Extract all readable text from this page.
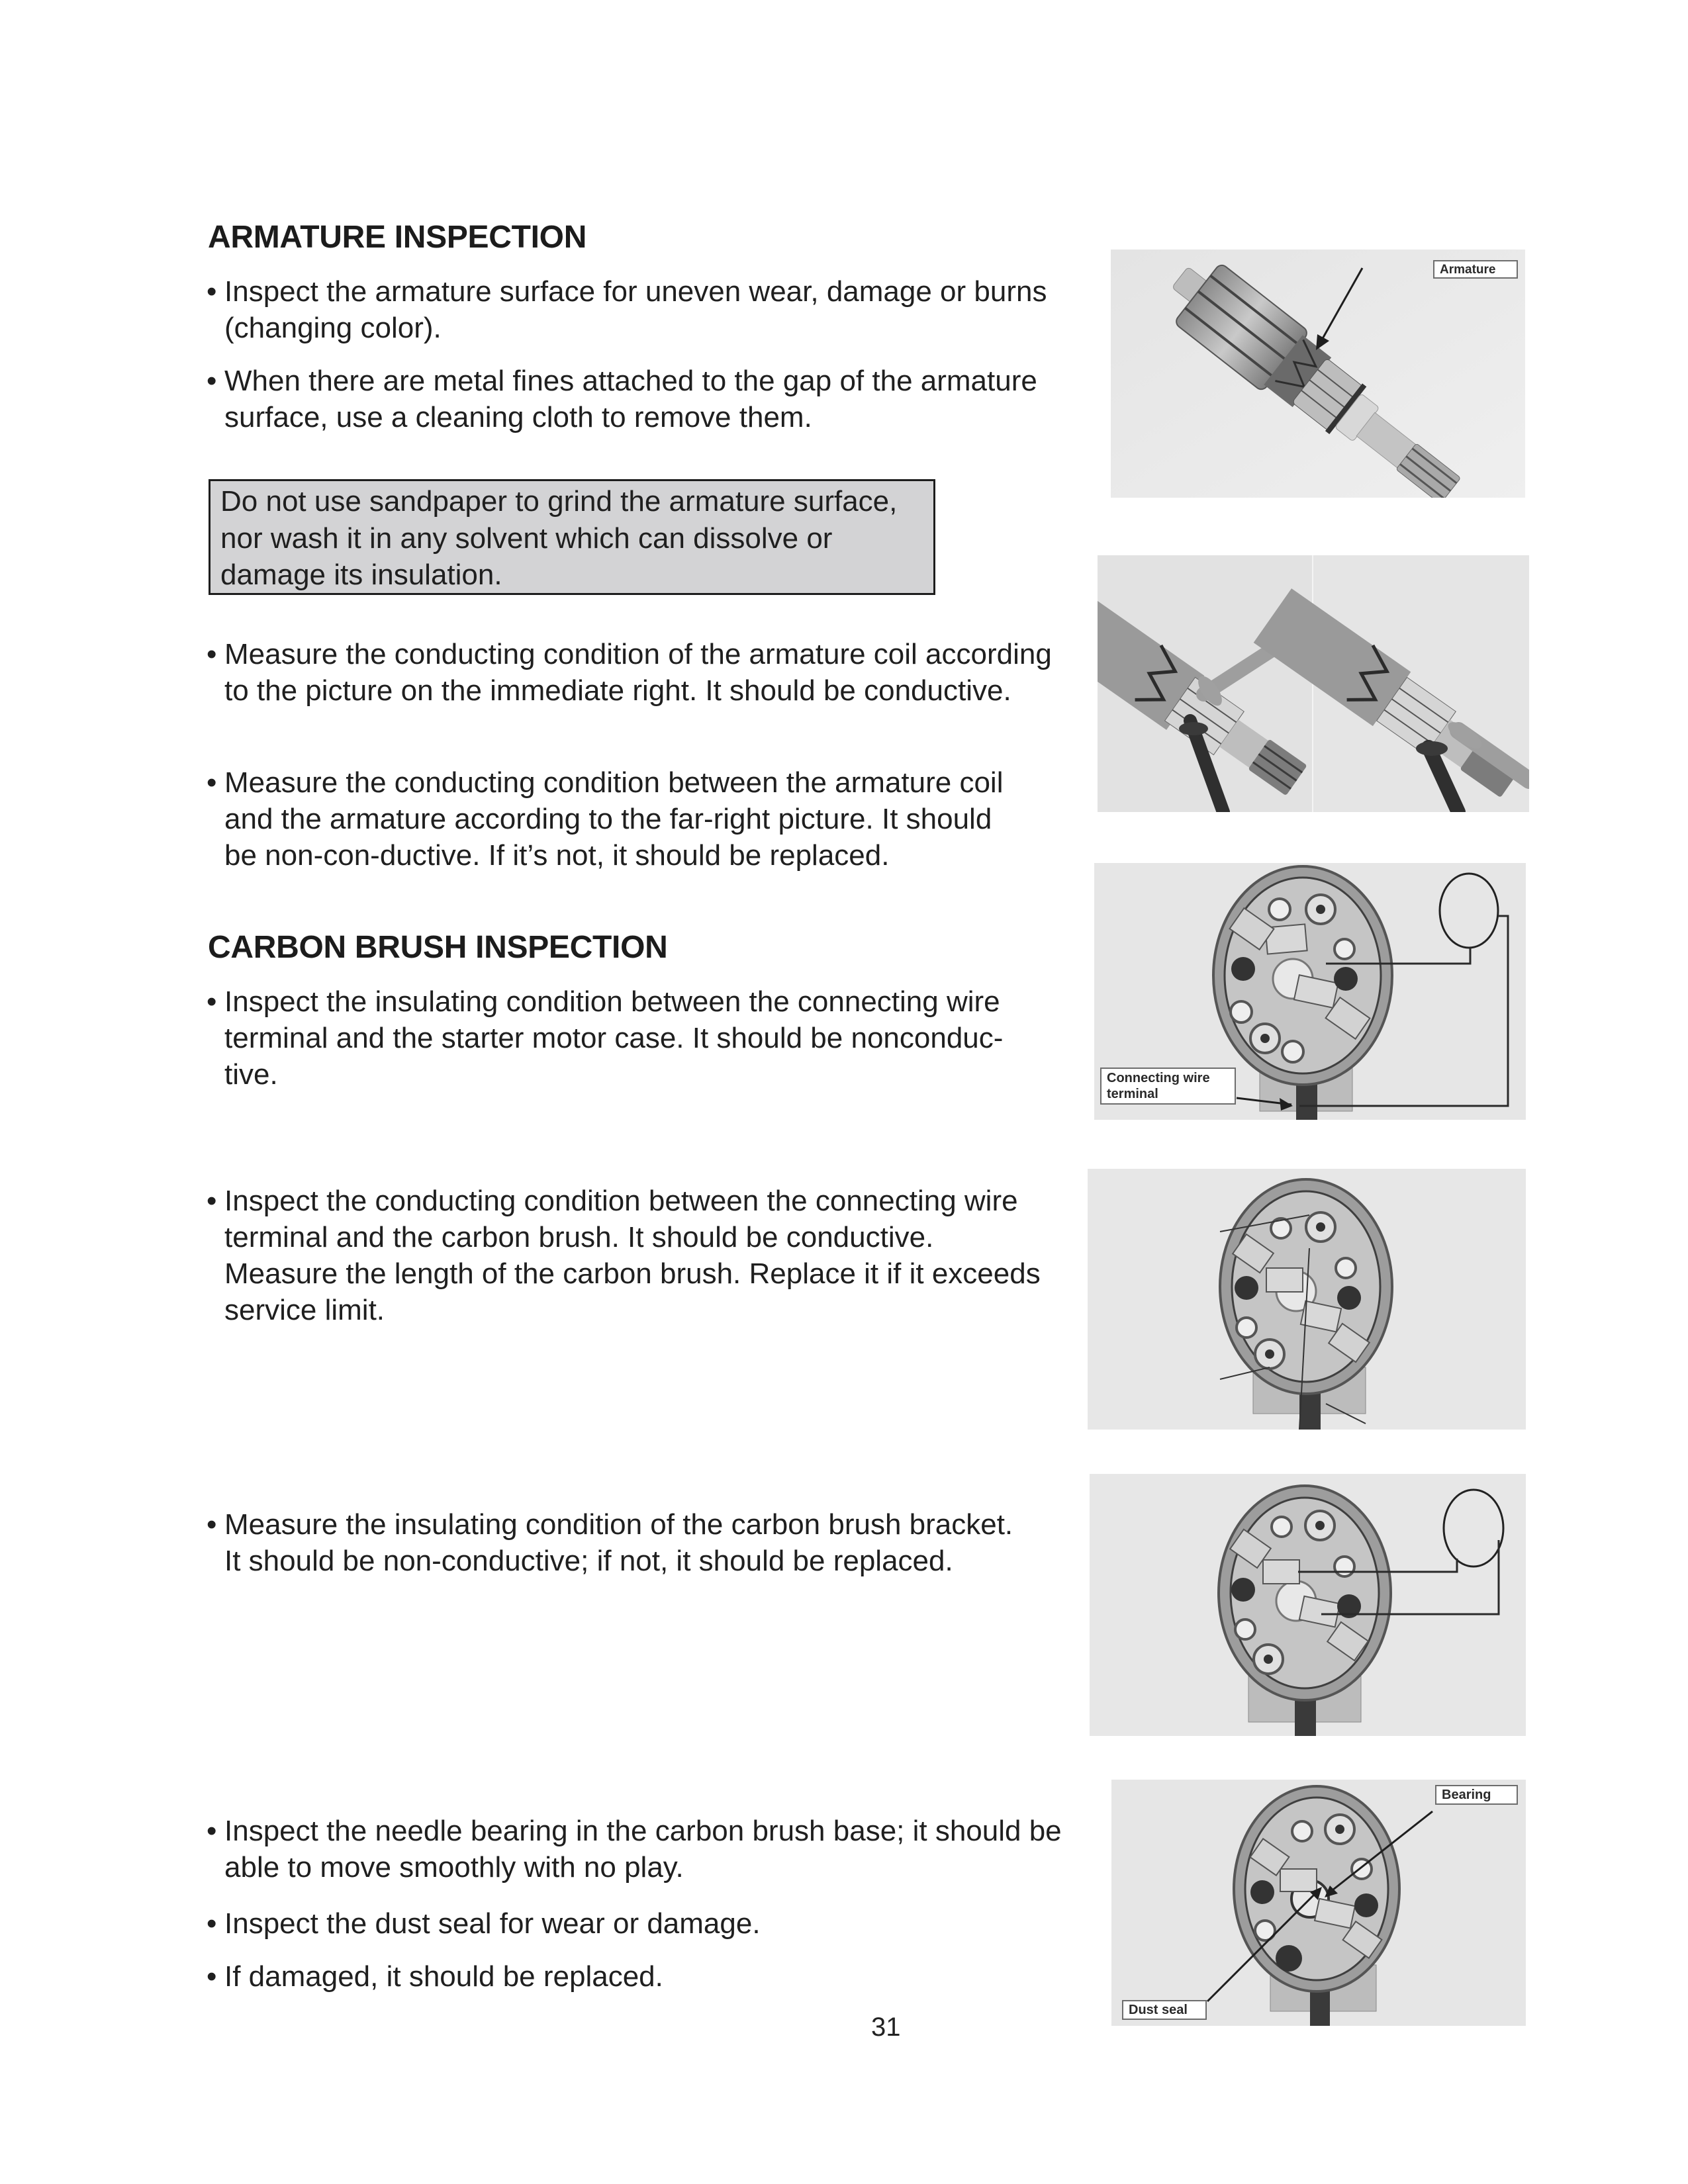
ARMATURE INSPECTION
• Inspect the armature surface for uneven wear, damage or burns
(changing color).
• When there are metal fines attached to the gap of the armature
surface, use a cleaning cloth to remove them.
Do not use sandpaper to grind the armature surface,
nor wash it in any solvent which can dissolve or
damage its insulation.
• Measure the conducting condition of the armature coil according
to the picture on the immediate right. It should be conductive.
• Measure the conducting condition between the armature coil
and the armature according to the far-right picture. It should
be non-con-ductive. If it’s not, it should be replaced.
CARBON BRUSH INSPECTION
• Inspect the insulating condition between the connecting wire
terminal and the starter motor case. It should be nonconduc-
tive.
• Inspect the conducting condition between the connecting wire
terminal and the carbon brush. It should be conductive.
Measure the length of the carbon brush. Replace it if it exceeds
service limit.
• Measure the insulating condition of the carbon brush bracket.
It should be non-conductive; if not, it should be replaced.
• Inspect the needle bearing in the carbon brush base; it should be
able to move smoothly with no play.
• Inspect the dust seal for wear or damage.
• If damaged, it should be replaced.
31
Armature
Connecting wire
terminal
Bearing
Dust seal
